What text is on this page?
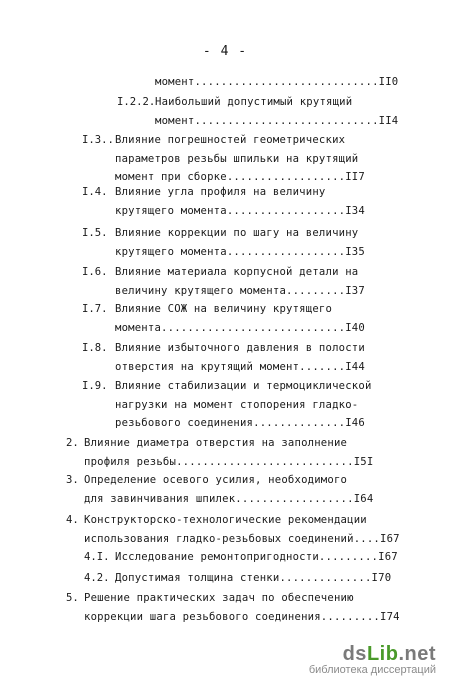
- 4 -
момент............................II0
I.2.2. Наибольший допустимый крутящий
момент............................II4
I.3.. Влияние погрешностей геометрических
параметров резьбы шпильки на крутящий
момент при сборке..................II7
I.4. Влияние угла профиля на величину
крутящего момента..................I34
I.5. Влияние коррекции по шагу на величину
крутящего момента..................I35
I.6. Влияние материала корпусной детали на
величину крутящего момента.........I37
I.7. Влияние СОЖ на величину крутящего
момента............................I40
I.8. Влияние избыточного давления в полости
отверстия на крутящий момент.......I44
I.9. Влияние стабилизации и термоциклической
нагрузки на момент стопорения гладко-
резьбового соединения..............I46
2. Влияние диаметра отверстия на заполнение
профиля резьбы...........................I5I
3. Определение осевого усилия, необходимого
для завинчивания шпилек..................I64
4. Конструкторско-технологические рекомендации
использования гладко-резьбовых соединений....I67
4.I. Исследование ремонтопригодности.........I67
4.2. Допустимая толщина стенки..............I70
5. Решение практических задач по обеспечению
коррекции шага резьбового соединения.........I74
dsLib.net
библиотека диссертаций
